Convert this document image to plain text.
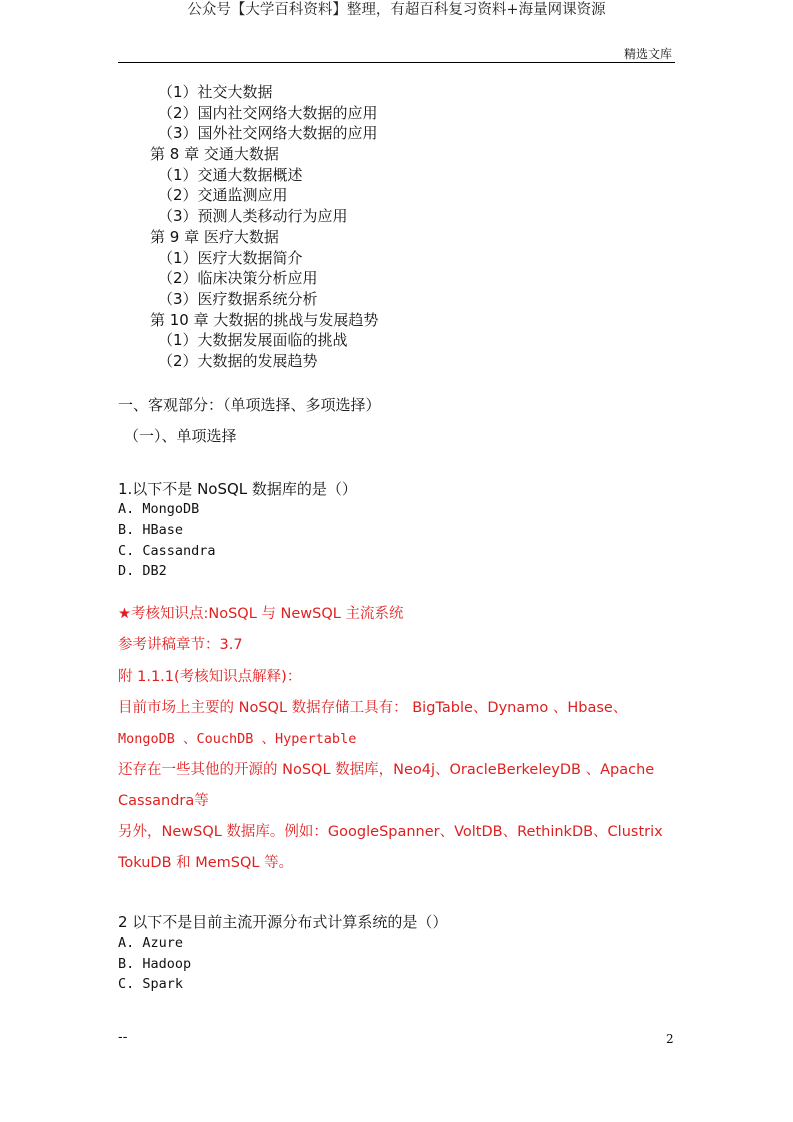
公众号【大学百科资料】整理，有超百科复习资料+海量网课资源
精选文库
（1）社交大数据
（2）国内社交网络大数据的应用
（3）国外社交网络大数据的应用
第 8 章 交通大数据
（1）交通大数据概述
（2）交通监测应用
（3）预测人类移动行为应用
第 9 章 医疗大数据
（1）医疗大数据简介
（2）临床决策分析应用
（3）医疗数据系统分析
第 10 章 大数据的挑战与发展趋势
（1）大数据发展面临的挑战
（2）大数据的发展趋势
一、客观部分：（单项选择、多项选择）
（一）、单项选择
1.以下不是 NoSQL 数据库的是（）
A. MongoDB
B. HBase
C. Cassandra
D. DB2
★考核知识点:NoSQL 与 NewSQL 主流系统
参考讲稿章节：3.7
附 1.1.1(考核知识点解释)：
目前市场上主要的 NoSQL 数据存储工具有： BigTable、Dynamo 、Hbase、
MongoDB 、CouchDB 、Hypertable
还存在一些其他的开源的 NoSQL 数据库，Neo4j、OracleBerkeleyDB 、Apache
Cassandra等
另外，NewSQL 数据库。例如：GoogleSpanner、VoltDB、RethinkDB、Clustrix
TokuDB 和 MemSQL 等。
2 以下不是目前主流开源分布式计算系统的是（）
A. Azure
B. Hadoop
C. Spark
--	2
